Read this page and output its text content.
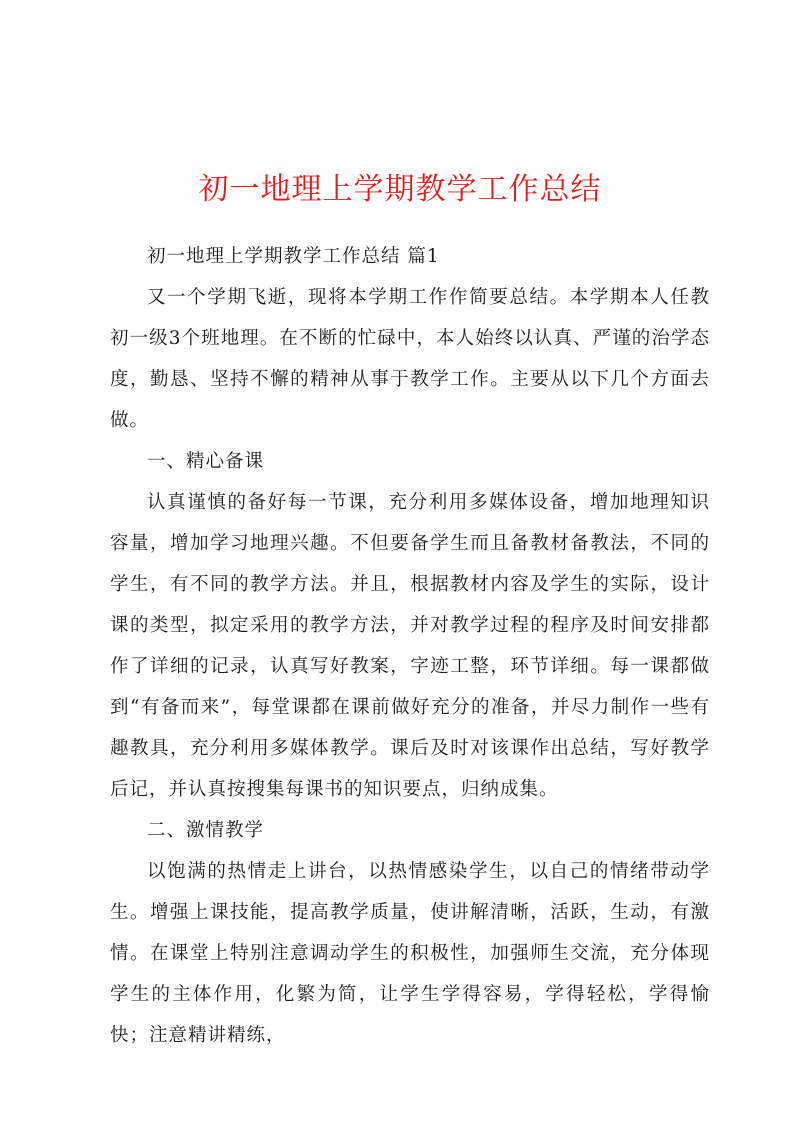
初一地理上学期教学工作总结

初一地理上学期教学工作总结 篇1

又一个学期飞逝，现将本学期工作作简要总结。本学期本人任教初一级3个班地理。在不断的忙碌中，本人始终以认真、严谨的治学态度，勤恳、坚持不懈的精神从事于教学工作。主要从以下几个方面去做。

一、精心备课

认真谨慎的备好每一节课，充分利用多媒体设备，增加地理知识容量，增加学习地理兴趣。不但要备学生而且备教材备教法，不同的学生，有不同的教学方法。并且，根据教材内容及学生的实际，设计课的类型，拟定采用的教学方法，并对教学过程的程序及时间安排都作了详细的记录，认真写好教案，字迹工整，环节详细。每一课都做到“有备而来”，每堂课都在课前做好充分的准备，并尽力制作一些有趣教具，充分利用多媒体教学。课后及时对该课作出总结，写好教学后记，并认真按搜集每课书的知识要点，归纳成集。

二、激情教学

以饱满的热情走上讲台，以热情感染学生，以自己的情绪带动学生。增强上课技能，提高教学质量，使讲解清晰，活跃，生动，有激情。在课堂上特别注意调动学生的积极性，加强师生交流，充分体现学生的主体作用，化繁为简，让学生学得容易，学得轻松，学得愉快；注意精讲精练，
